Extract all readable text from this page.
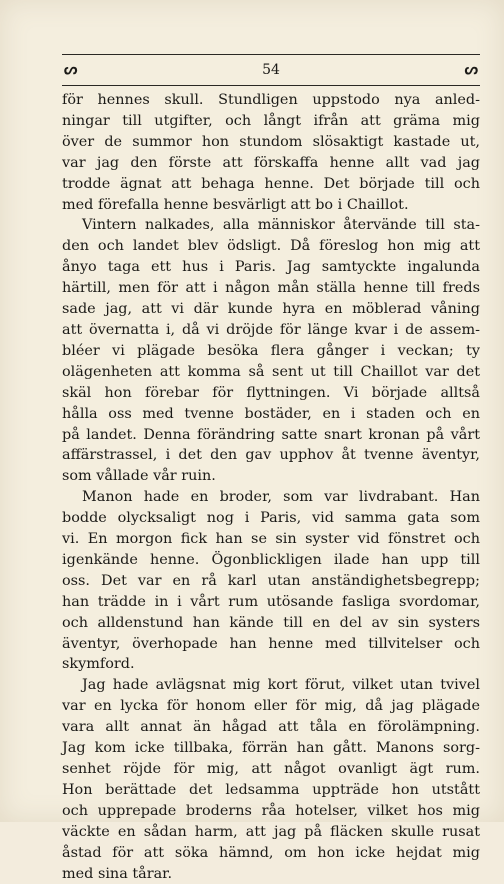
ᔕ	54	ᔕ
för hennes skull. Stundligen uppstodo nya anled-
ningar till utgifter, och långt ifrån att gräma mig
över de summor hon stundom slösaktigt kastade ut,
var jag den förste att förskaffa henne allt vad jag
trodde ägnat att behaga henne. Det började till och
med förefalla henne besvärligt att bo i Chaillot.
Vintern nalkades, alla människor återvände till sta-
den och landet blev ödsligt. Då föreslog hon mig att
ånyo taga ett hus i Paris. Jag samtyckte ingalunda
härtill, men för att i någon mån ställa henne till freds
sade jag, att vi där kunde hyra en möblerad våning
att övernatta i, då vi dröjde för länge kvar i de assem-
bléer vi plägade besöka flera gånger i veckan; ty
olägenheten att komma så sent ut till Chaillot var det
skäl hon förebar för flyttningen. Vi började alltså
hålla oss med tvenne bostäder, en i staden och en
på landet. Denna förändring satte snart kronan på vårt
affärstrassel, i det den gav upphov åt tvenne äventyr,
som vållade vår ruin.
Manon hade en broder, som var livdrabant. Han
bodde olycksaligt nog i Paris, vid samma gata som
vi. En morgon fick han se sin syster vid fönstret och
igenkände henne. Ögonblickligen ilade han upp till
oss. Det var en rå karl utan anständighetsbegrepp;
han trädde in i vårt rum utösande fasliga svordomar,
och alldenstund han kände till en del av sin systers
äventyr, överhopade han henne med tillvitelser och
skymford.
Jag hade avlägsnat mig kort förut, vilket utan tvivel
var en lycka för honom eller för mig, då jag plägade
vara allt annat än hågad att tåla en förolämpning.
Jag kom icke tillbaka, förrän han gått. Manons sorg-
senhet röjde för mig, att något ovanligt ägt rum.
Hon berättade det ledsamma uppträde hon utstått
och upprepade broderns råa hotelser, vilket hos mig
väckte en sådan harm, att jag på fläcken skulle rusat
åstad för att söka hämnd, om hon icke hejdat mig
med sina tårar.
